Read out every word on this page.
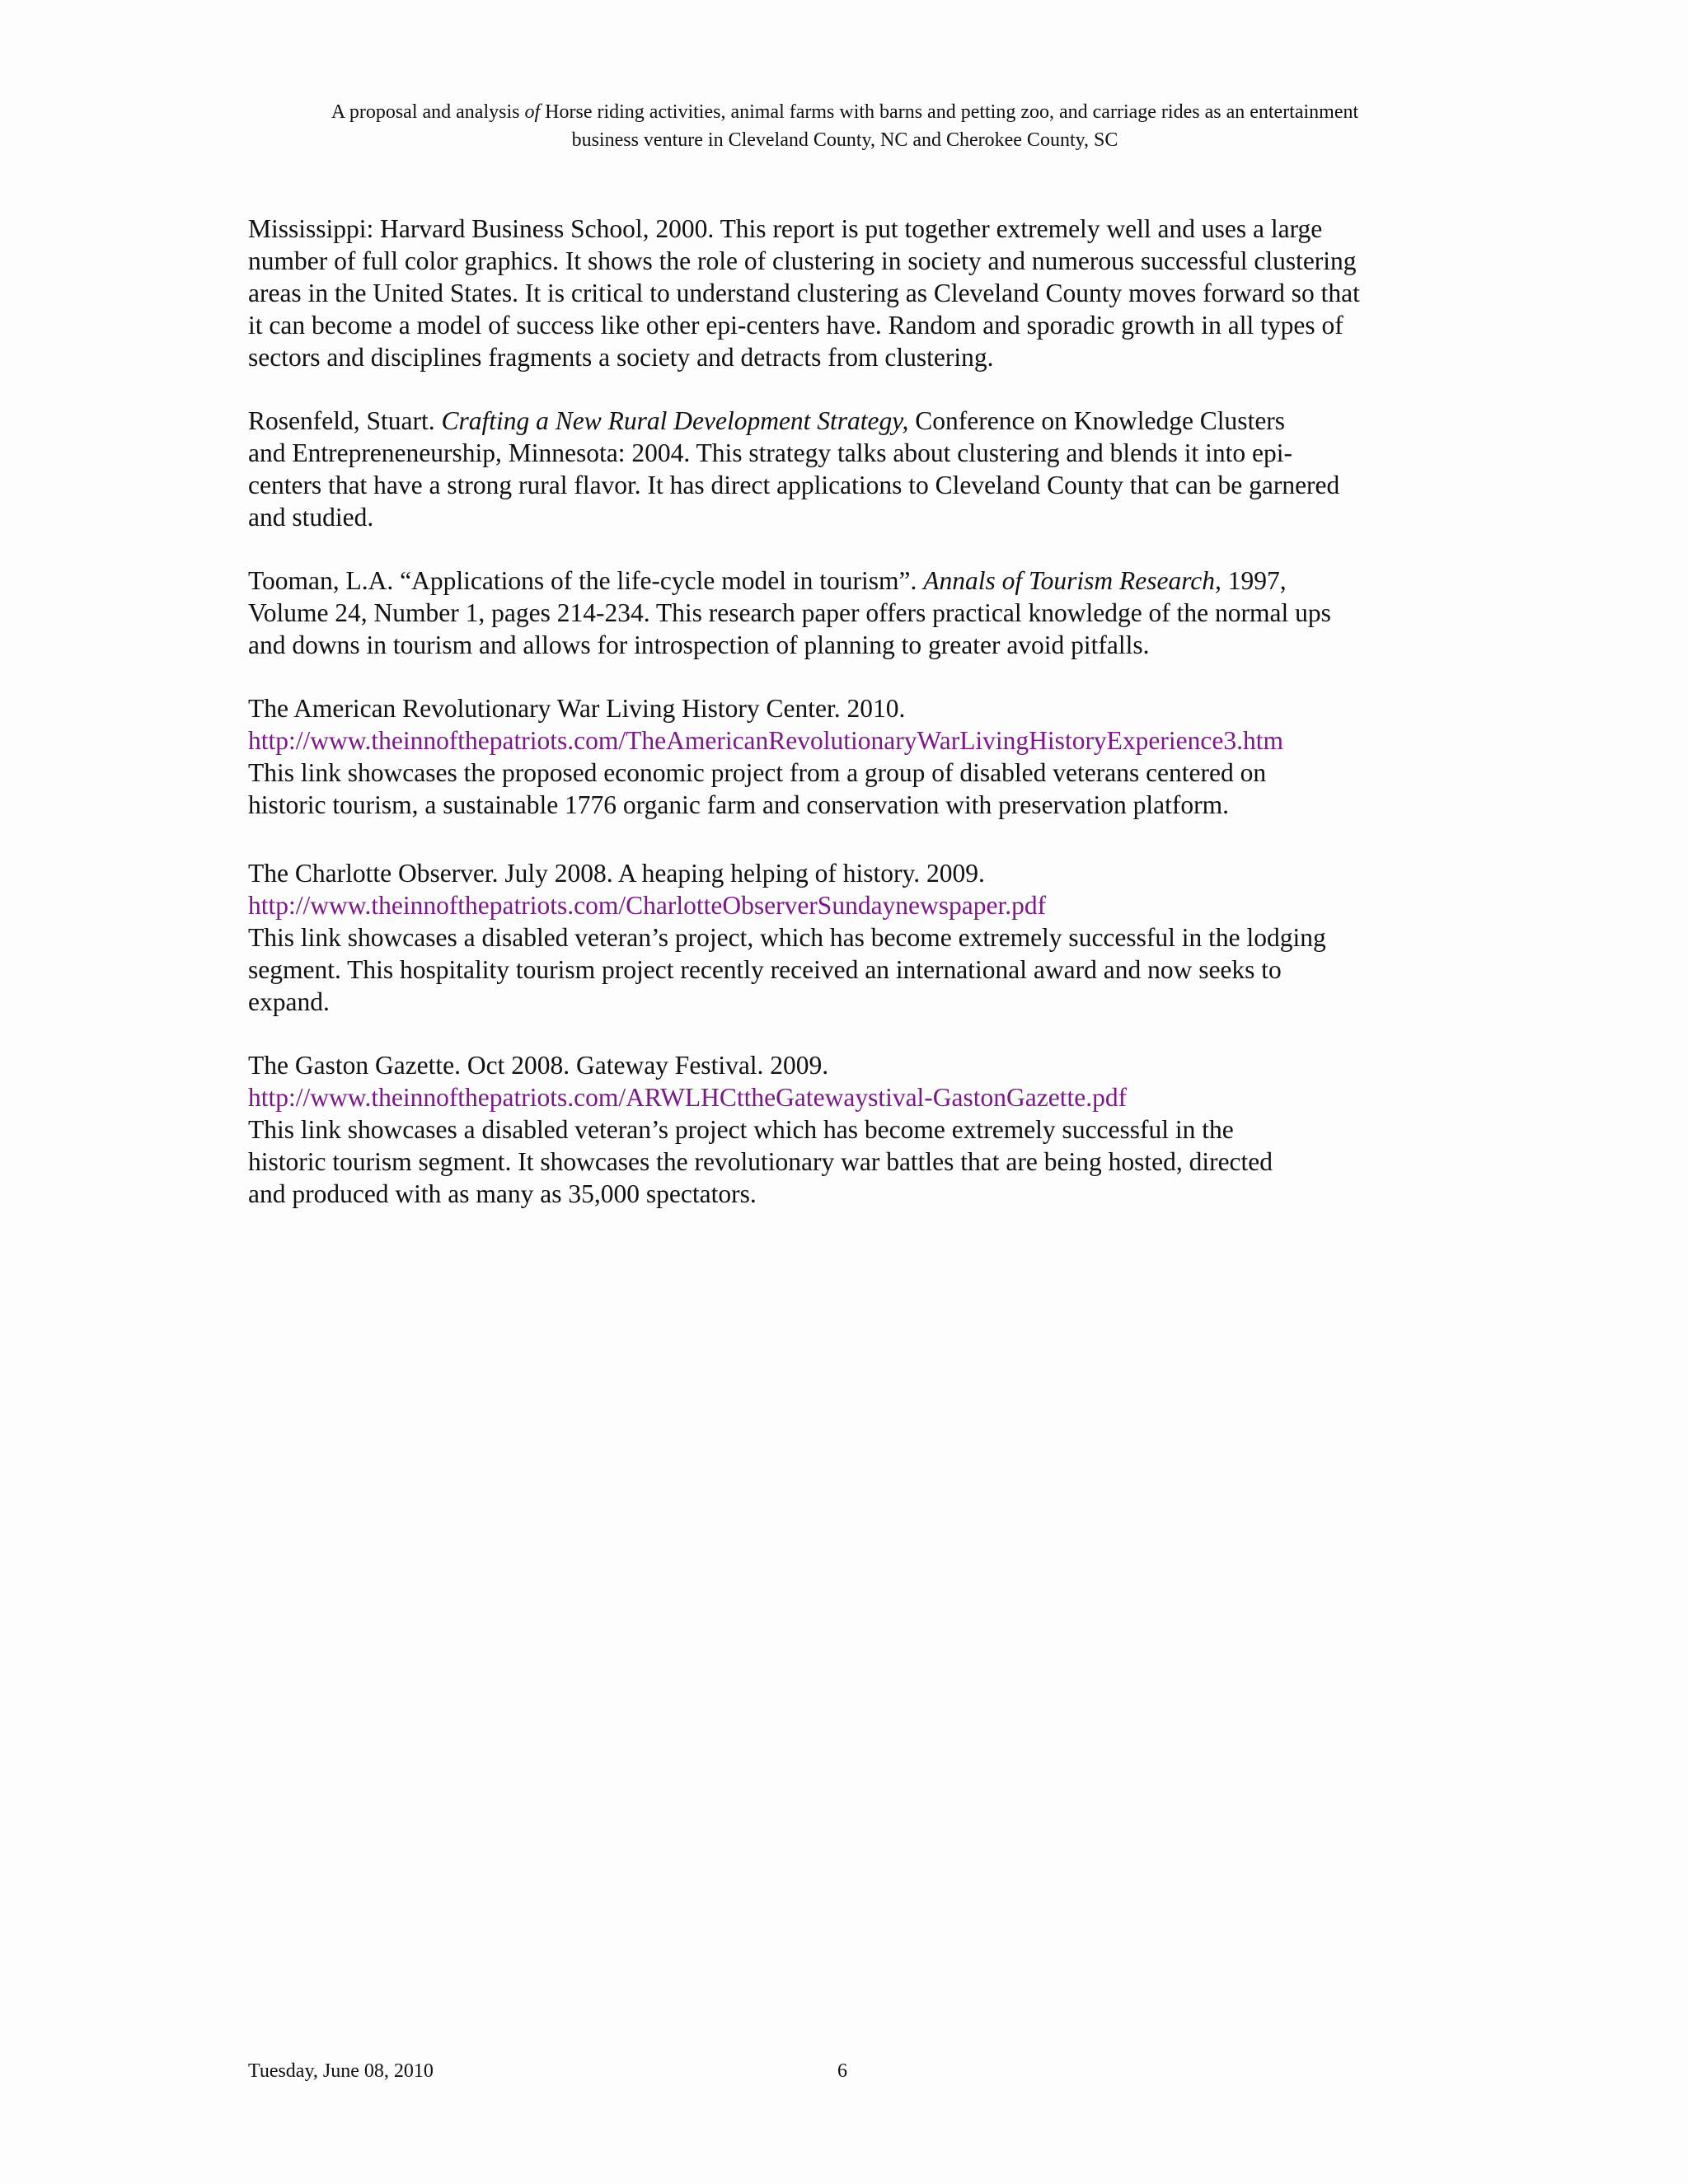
A proposal and analysis of Horse riding activities, animal farms with barns and petting zoo, and carriage rides as an entertainment
business venture in Cleveland County, NC and Cherokee County, SC
Mississippi: Harvard Business School, 2000. This report is put together extremely well and uses a large
number of full color graphics. It shows the role of clustering in society and numerous successful clustering
areas in the United States. It is critical to understand clustering as Cleveland County moves forward so that
it can become a model of success like other epi-centers have. Random and sporadic growth in all types of
sectors and disciplines fragments a society and detracts from clustering.
Rosenfeld, Stuart. Crafting a New Rural Development Strategy, Conference on Knowledge Clusters
and Entrepreneneurship, Minnesota: 2004. This strategy talks about clustering and blends it into epi-
centers that have a strong rural flavor. It has direct applications to Cleveland County that can be garnered
and studied.
Tooman, L.A. “Applications of the life-cycle model in tourism”. Annals of Tourism Research, 1997,
Volume 24, Number 1, pages 214-234. This research paper offers practical knowledge of the normal ups
and downs in tourism and allows for introspection of planning to greater avoid pitfalls.
The American Revolutionary War Living History Center. 2010.
http://www.theinnofthepatriots.com/TheAmericanRevolutionaryWarLivingHistoryExperience3.htm
This link showcases the proposed economic project from a group of disabled veterans centered on
historic tourism, a sustainable 1776 organic farm and conservation with preservation platform.
The Charlotte Observer. July 2008. A heaping helping of history. 2009.
http://www.theinnofthepatriots.com/CharlotteObserverSundaynewspaper.pdf
This link showcases a disabled veteran’s project, which has become extremely successful in the lodging
segment. This hospitality tourism project recently received an international award and now seeks to
expand.
The Gaston Gazette. Oct 2008. Gateway Festival. 2009.
http://www.theinnofthepatriots.com/ARWLHCttheGatewaystival-GastonGazette.pdf
This link showcases a disabled veteran’s project which has become extremely successful in the
historic tourism segment. It showcases the revolutionary war battles that are being hosted, directed
and produced with as many as 35,000 spectators.
Tuesday, June 08, 2010	6
